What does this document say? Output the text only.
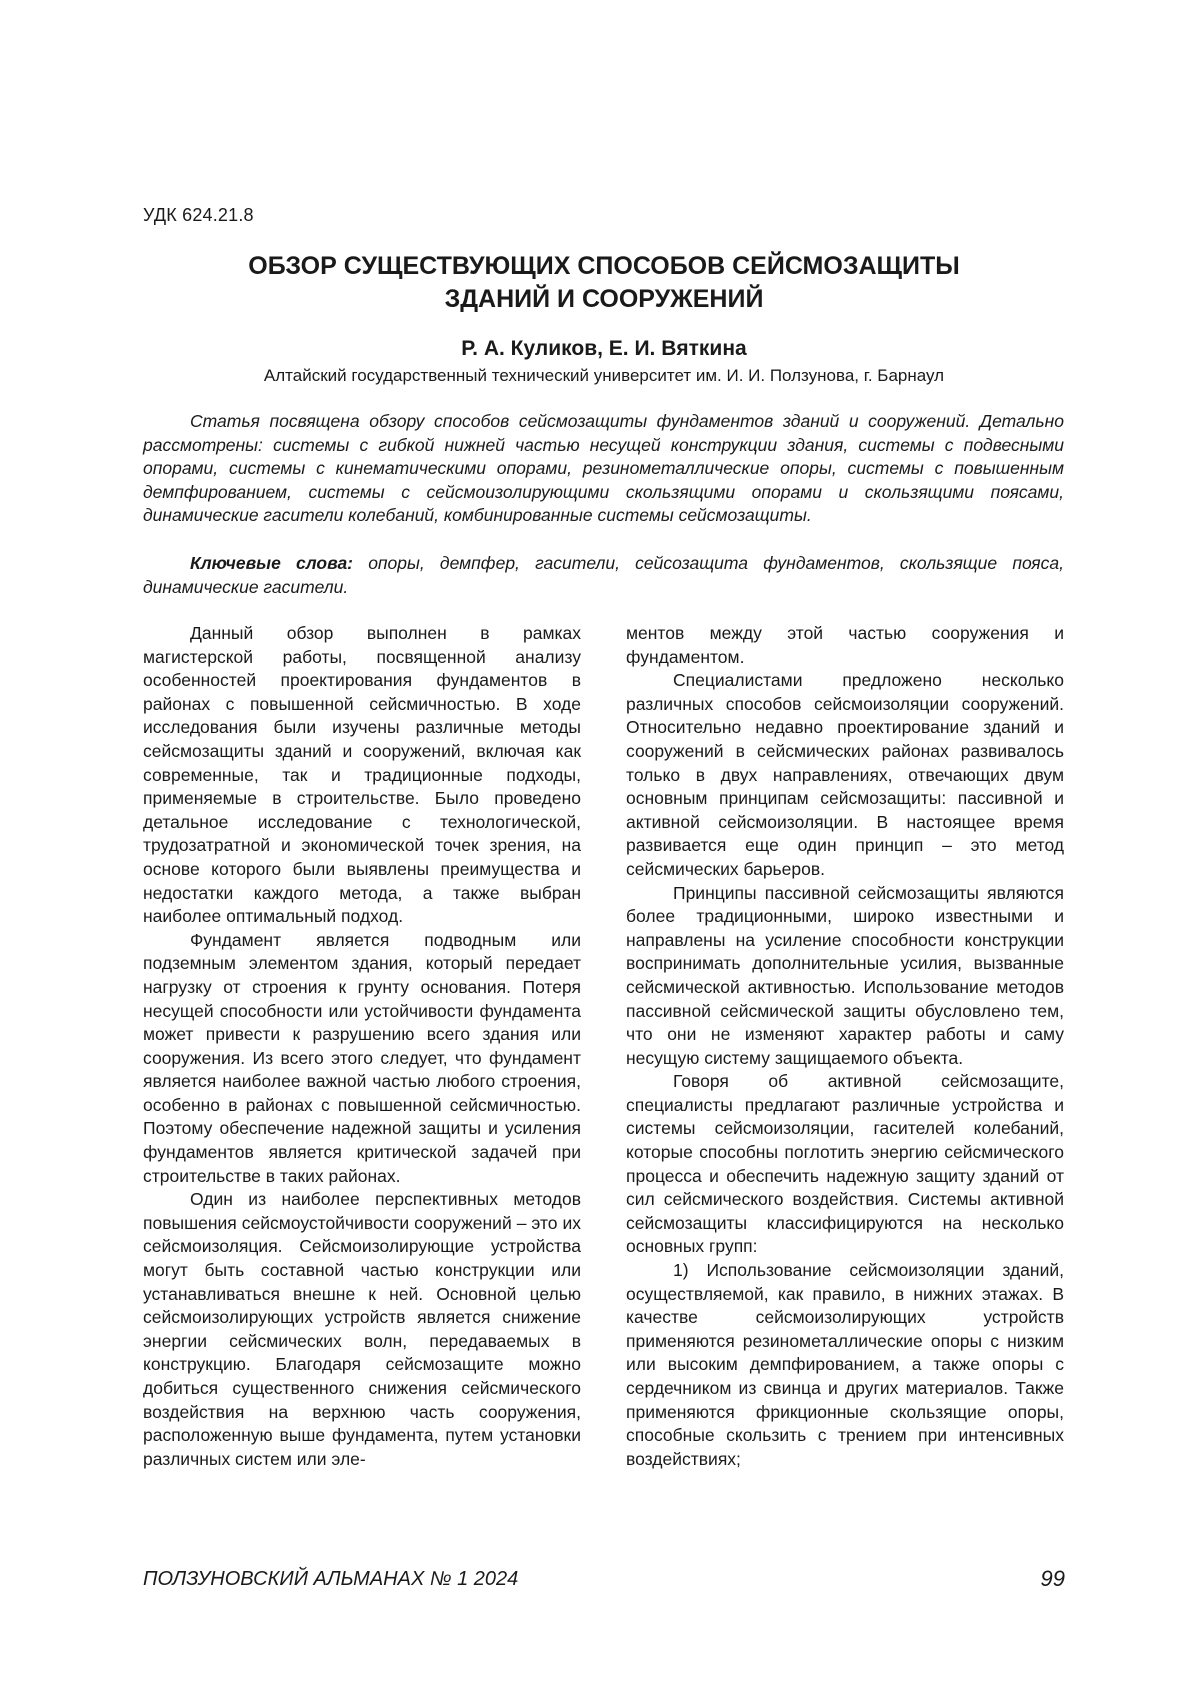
УДК 624.21.8
ОБЗОР СУЩЕСТВУЮЩИХ СПОСОБОВ СЕЙСМОЗАЩИТЫ
ЗДАНИЙ И СООРУЖЕНИЙ
Р. А. Куликов, Е. И. Вяткина
Алтайский государственный технический университет им. И. И. Ползунова, г. Барнаул

Статья посвящена обзору способов сейсмозащиты фундаментов зданий и сооружений. Детально рассмотрены: системы с гибкой нижней частью несущей конструкции здания, системы с подвесными опорами, системы с кинематическими опорами, резинометаллические опоры, системы с повышенным демпфированием, системы с сейсмоизолирующими скользящими опорами и скользящими поясами, динамические гасители колебаний, комбинированные системы сейсмозащиты.

Ключевые слова: опоры, демпфер, гасители, сейсозащита фундаментов, скользящие пояса, динамические гасители.

Данный обзор выполнен в рамках магистерской работы, посвященной анализу особенностей проектирования фундаментов в районах с повышенной сейсмичностью. В ходе исследования были изучены различные методы сейсмозащиты зданий и сооружений, включая как современные, так и традиционные подходы, применяемые в строительстве. Было проведено детальное исследование с технологической, трудозатратной и экономической точек зрения, на основе которого были выявлены преимущества и недостатки каждого метода, а также выбран наиболее оптимальный подход.

Фундамент является подводным или подземным элементом здания, который передает нагрузку от строения к грунту основания. Потеря несущей способности или устойчивости фундамента может привести к разрушению всего здания или сооружения. Из всего этого следует, что фундамент является наиболее важной частью любого строения, особенно в районах с повышенной сейсмичностью. Поэтому обеспечение надежной защиты и усиления фундаментов является критической задачей при строительстве в таких районах.

Один из наиболее перспективных методов повышения сейсмоустойчивости сооружений – это их сейсмоизоляция. Сейсмоизолирующие устройства могут быть составной частью конструкции или устанавливаться внешне к ней. Основной целью сейсмоизолирующих устройств является снижение энергии сейсмических волн, передаваемых в конструкцию. Благодаря сейсмозащите можно добиться существенного снижения сейсмического воздействия на верхнюю часть сооружения, расположенную выше фундамента, путем установки различных систем или эле-

ментов между этой частью сооружения и фундаментом.

Специалистами предложено несколько различных способов сейсмоизоляции сооружений. Относительно недавно проектирование зданий и сооружений в сейсмических районах развивалось только в двух направлениях, отвечающих двум основным принципам сейсмозащиты: пассивной и активной сейсмоизоляции. В настоящее время развивается еще один принцип – это метод сейсмических барьеров.

Принципы пассивной сейсмозащиты являются более традиционными, широко известными и направлены на усиление способности конструкции воспринимать дополнительные усилия, вызванные сейсмической активностью. Использование методов пассивной сейсмической защиты обусловлено тем, что они не изменяют характер работы и саму несущую систему защищаемого объекта.

Говоря об активной сейсмозащите, специалисты предлагают различные устройства и системы сейсмоизоляции, гасителей колебаний, которые способны поглотить энергию сейсмического процесса и обеспечить надежную защиту зданий от сил сейсмического воздействия. Системы активной сейсмозащиты классифицируются на несколько основных групп:

1) Использование сейсмоизоляции зданий, осуществляемой, как правило, в нижних этажах. В качестве сейсмоизолирующих устройств применяются резинометаллические опоры с низким или высоким демпфированием, а также опоры с сердечником из свинца и других материалов. Также применяются фрикционные скользящие опоры, способные скользить с трением при интенсивных воздействиях;

ПОЛЗУНОВСКИЙ АЛЬМАНАХ № 1 2024	99
